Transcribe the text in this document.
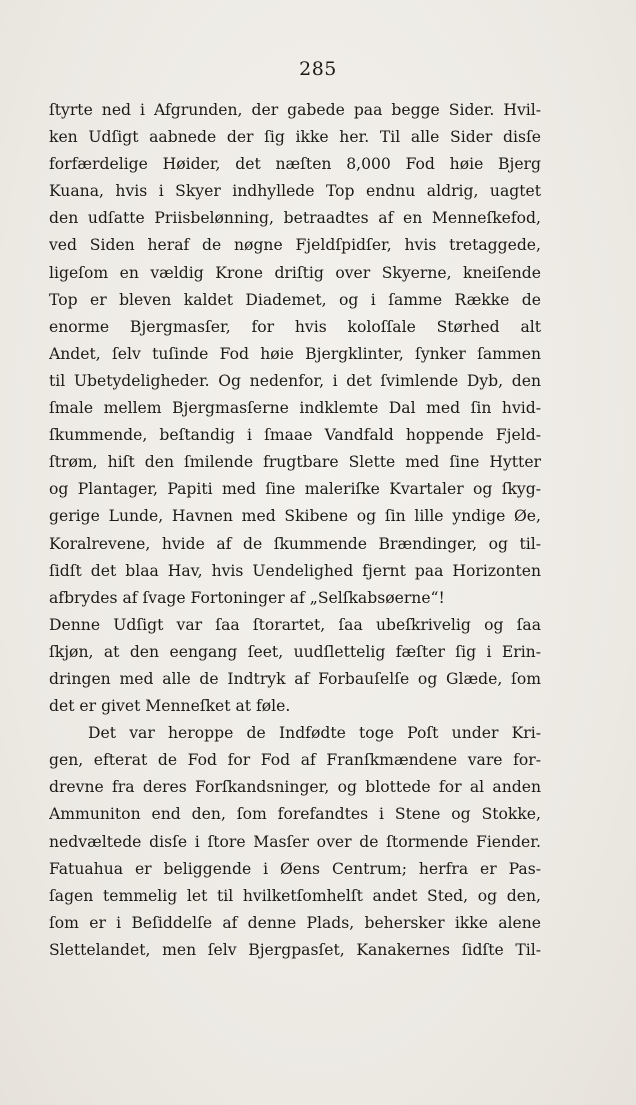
285
ſtyrte ned i Afgrunden, der gabede paa begge Sider. Hvil-
ken Udſigt aabnede der ſig ikke her. Til alle Sider disſe
forfærdelige Høider, det næſten 8,000 Fod høie Bjerg
Kuana, hvis i Skyer indhyllede Top endnu aldrig, uagtet
den udſatte Priisbelønning, betraadtes af en Menneſkefod,
ved Siden heraf de nøgne Fjeldſpidſer, hvis tretaggede,
ligeſom en vældig Krone driſtig over Skyerne, kneiſende
Top er bleven kaldet Diademet, og i ſamme Række de
enorme Bjergmasſer, for hvis koloſſale Størhed alt
Andet, ſelv tuſinde Fod høie Bjergklinter, ſynker ſammen
til Ubetydeligheder. Og nedenfor, i det ſvimlende Dyb, den
ſmale mellem Bjergmasſerne indklemte Dal med ſin hvid-
ſkummende, beſtandig i ſmaae Vandfald hoppende Fjeld-
ſtrøm, hiſt den ſmilende frugtbare Slette med ſine Hytter
og Plantager, Papiti med ſine maleriſke Kvartaler og ſkyg-
gerige Lunde, Havnen med Skibene og ſin lille yndige Øe,
Koralrevene, hvide af de ſkummende Brændinger, og til-
ſidſt det blaa Hav, hvis Uendelighed fjernt paa Horizonten
afbrydes af ſvage Fortoninger af „Selſkabsøerne“!
Denne Udſigt var ſaa ſtorartet, ſaa ubeſkrivelig og ſaa
ſkjøn, at den eengang ſeet, uudſlettelig fæſter ſig i Erin-
dringen med alle de Indtryk af Forbauſelſe og Glæde, ſom
det er givet Menneſket at føle.
Det var heroppe de Indfødte toge Poſt under Kri-
gen, efterat de Fod for Fod af Franſkmændene vare for-
drevne fra deres Forſkandsninger, og blottede for al anden
Ammuniton end den, ſom forefandtes i Stene og Stokke,
nedvæltede disſe i ſtore Masſer over de ſtormende Fiender.
Fatuahua er beliggende i Øens Centrum; herfra er Pas-
ſagen temmelig let til hvilketſomhelſt andet Sted, og den,
ſom er i Beſiddelſe af denne Plads, behersker ikke alene
Slettelandet, men ſelv Bjergpasſet, Kanakernes ſidſte Til-
